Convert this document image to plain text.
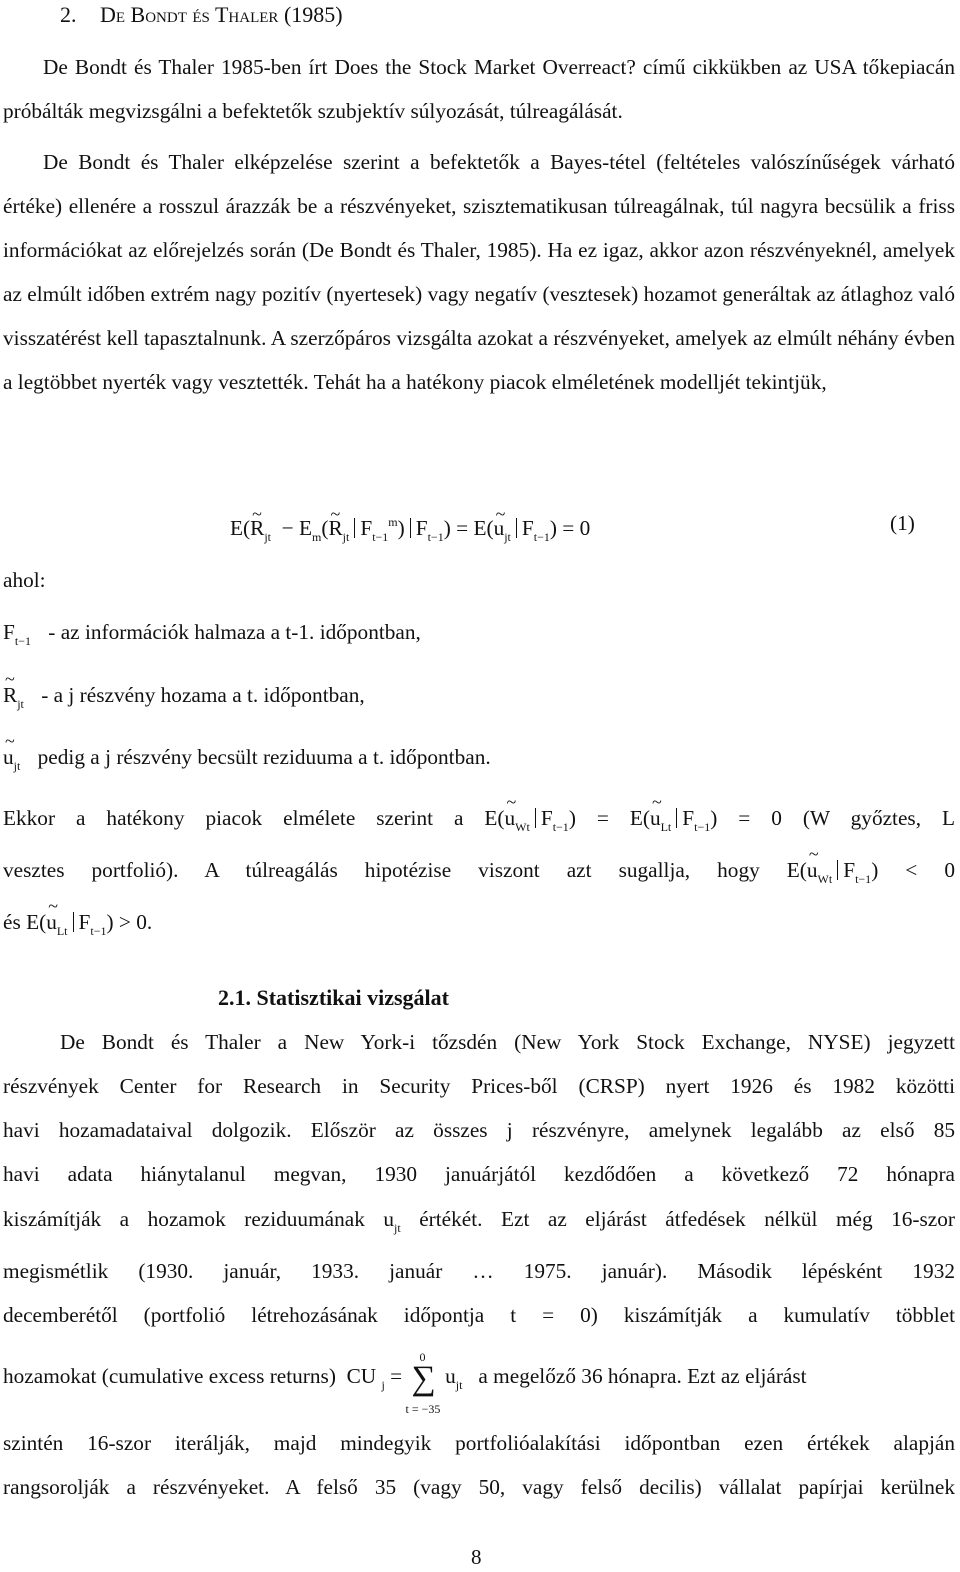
2. De Bondt és Thaler (1985)

De Bondt és Thaler 1985-ben írt Does the Stock Market Overreact? című cikkükben az USA tőkepiacán próbálták megvizsgálni a befektetők szubjektív súlyozását, túlreagálását.

De Bondt és Thaler elképzelése szerint a befektetők a Bayes-tétel (feltételes valószínűségek várható értéke) ellenére a rosszul árazzák be a részvényeket, szisztematikusan túlreagálnak, túl nagyra becsülik a friss információkat az előrejelzés során (De Bondt és Thaler, 1985). Ha ez igaz, akkor azon részvényeknél, amelyek az elmúlt időben extrém nagy pozitív (nyertesek) vagy negatív (vesztesek) hozamot generáltak az átlaghoz való visszatérést kell tapasztalnunk. A szerzőpáros vizsgálta azokat a részvényeket, amelyek az elmúlt néhány évben a legtöbbet nyerték vagy vesztették. Tehát ha a hatékony piacok elméletének modelljét tekintjük,

E(~ $R_{jt}$  − $E_m(\sim$ $R_{jt}$ $F_{t-1}^m$) $F_{t-1}$) = E(~ $u_{jt}$ $F_{t-1}) = 0$	(1)
ahol:
$F_{t-1}$ - az információk halmaza a t-1. időpontban,
~ $R_{jt}$ - a j részvény hozama a t. időpontban,
~ $u_{jt}$ pedig a j részvény becsült reziduuma a t. időpontban.
Ekkor a hatékony piacok elmélete szerint a E(~ $u_{Wt}$ $F_{t-1}$) = E(~ $u_{Lt}$ $F_{t-1}) = 0$ (W győztes, L
vesztes portfolió). A túlreagálás hipotézise viszont azt sugallja, hogy E(~ $u_{Wt}$ $F_{t-1}) < 0$
és E(~ $u_{Lt}$ $F_{t-1}) > 0$.
2.1. Statisztikai vizsgálat
De Bondt és Thaler a New York-i tőzsdén (New York Stock Exchange, NYSE) jegyzett
részvények Center for Research in Security Prices-ből (CRSP) nyert 1926 és 1982 közötti
havi hozamadataival dolgozik. Először az összes j részvényre, amelynek legalább az első 85
havi adata hiánytalanul megvan, 1930 januárjától kezdődően a következő 72 hónapra
kiszámítják a hozamok reziduumának $u_{jt}$ értékét. Ezt az eljárást átfedések nélkül még 16-szor
megismétlik (1930. január, 1933. január … 1975. január). Második lépésként 1932
decemberétől (portfolió létrehozásának időpontja t = 0) kiszámítják a kumulatív többlet
hozamokat (cumulative excess returns)  CU $_j$ = ∑
0
t = −35
$u_{jt}$ a megelőző 36 hónapra. Ezt az eljárást
szintén 16-szor iterálják, majd mindegyik portfolióalakítási időpontban ezen értékek alapján
rangsorolják a részvényeket. A felső 35 (vagy 50, vagy felső decilis) vállalat papírjai kerülnek
8
